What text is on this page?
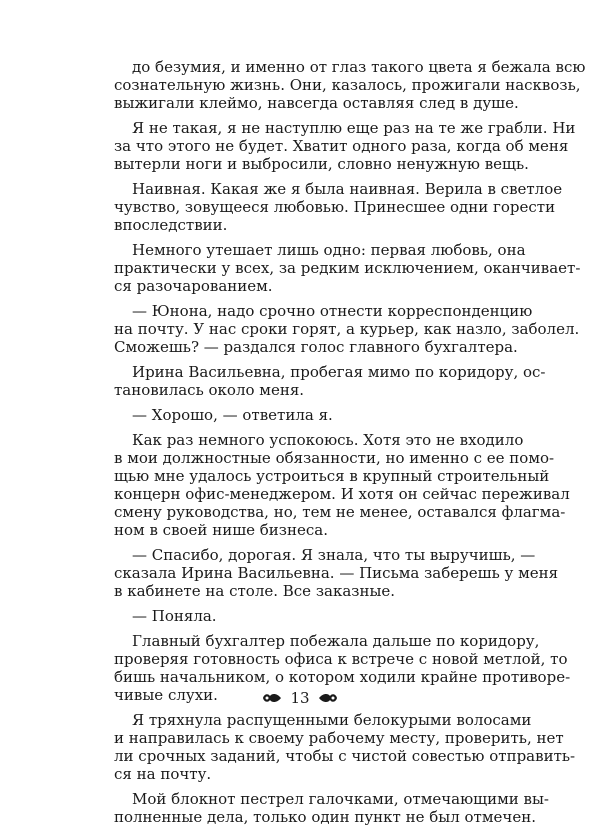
до безумия, и именно от глаз такого цвета я бежала всю
сознательную жизнь. Они, казалось, прожигали насквозь,
выжигали клеймо, навсегда оставляя след в душе.
Я не такая, я не наступлю еще раз на те же грабли. Ни
за что этого не будет. Хватит одного раза, когда об меня
вытерли ноги и выбросили, словно ненужную вещь.
Наивная. Какая же я была наивная. Верила в светлое
чувство, зовущееся любовью. Принесшее одни горести
впоследствии.
Немного утешает лишь одно: первая любовь, она
практически у всех, за редким исключением, оканчивает-
ся разочарованием.
— Юнона, надо срочно отнести корреспонденцию
на почту. У нас сроки горят, а курьер, как назло, заболел.
Сможешь? — раздался голос главного бухгалтера.
Ирина Васильевна, пробегая мимо по коридору, ос-
тановилась около меня.
— Хорошо, — ответила я.
Как раз немного успокоюсь. Хотя это не входило
в мои должностные обязанности, но именно с ее помо-
щью мне удалось устроиться в крупный строительный
концерн офис-менеджером. И хотя он сейчас переживал
смену руководства, но, тем не менее, оставался флагма-
ном в своей нише бизнеса.
— Спасибо, дорогая. Я знала, что ты выручишь, —
сказала Ирина Васильевна. — Письма заберешь у меня
в кабинете на столе. Все заказные.
— Поняла.
Главный бухгалтер побежала дальше по коридору,
проверяя готовность офиса к встрече с новой метлой, то
бишь начальником, о котором ходили крайне противоре-
чивые слухи.
Я тряхнула распущенными белокурыми волосами
и направилась к своему рабочему месту, проверить, нет
ли срочных заданий, чтобы с чистой совестью отправить-
ся на почту.
Мой блокнот пестрел галочками, отмечающими вы-
полненные дела, только один пункт не был отмечен.
13
